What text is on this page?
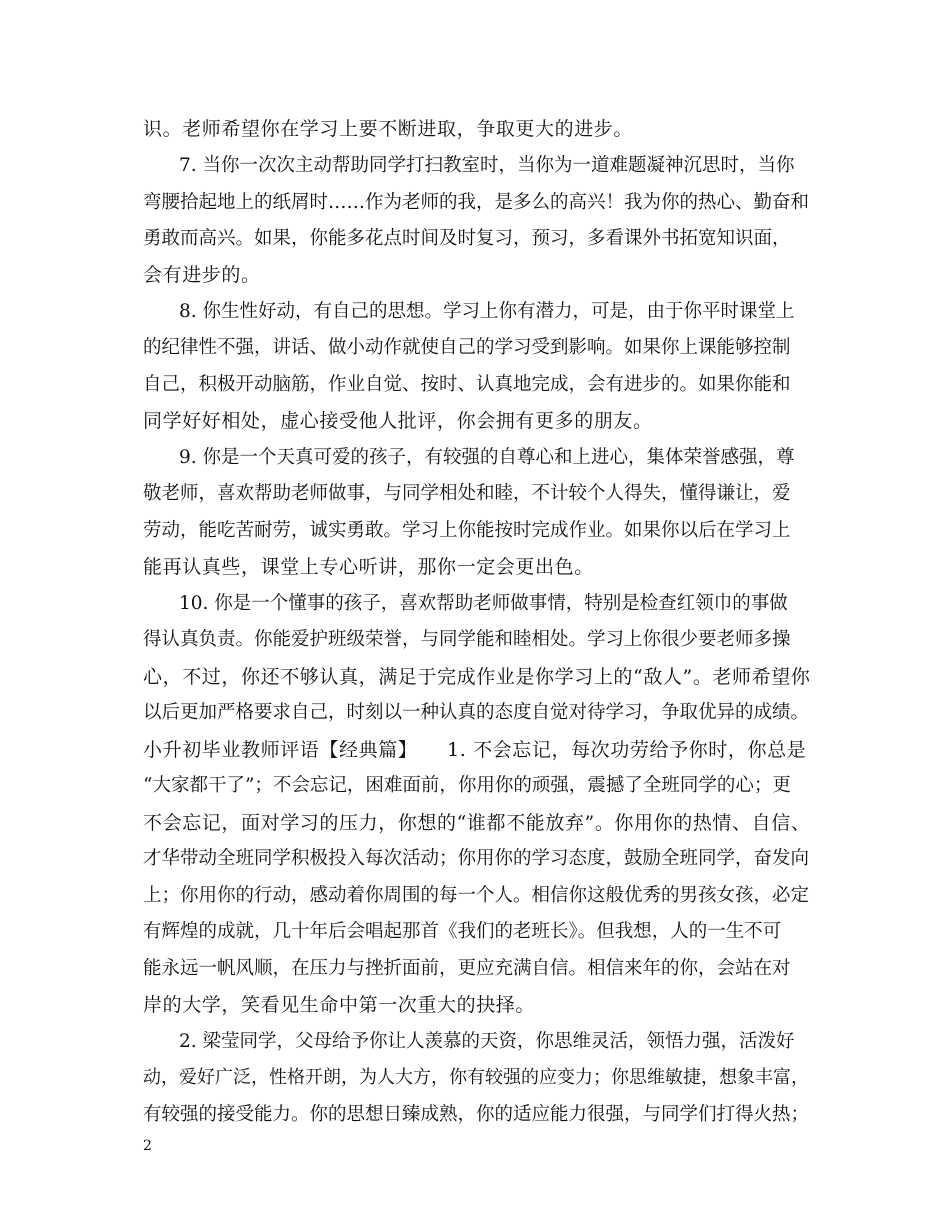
识。老师希望你在学习上要不断进取，争取更大的进步。
7. 当你一次次主动帮助同学打扫教室时，当你为一道难题凝神沉思时，当你
弯腰拾起地上的纸屑时……作为老师的我，是多么的高兴！我为你的热心、勤奋和
勇敢而高兴。如果，你能多花点时间及时复习，预习，多看课外书拓宽知识面，
会有进步的。
8. 你生性好动，有自己的思想。学习上你有潜力，可是，由于你平时课堂上
的纪律性不强，讲话、做小动作就使自己的学习受到影响。如果你上课能够控制
自己，积极开动脑筋，作业自觉、按时、认真地完成，会有进步的。如果你能和
同学好好相处，虚心接受他人批评，你会拥有更多的朋友。
9. 你是一个天真可爱的孩子，有较强的自尊心和上进心，集体荣誉感强，尊
敬老师，喜欢帮助老师做事，与同学相处和睦，不计较个人得失，懂得谦让，爱
劳动，能吃苦耐劳，诚实勇敢。学习上你能按时完成作业。如果你以后在学习上
能再认真些，课堂上专心听讲，那你一定会更出色。
10. 你是一个懂事的孩子，喜欢帮助老师做事情，特别是检查红领巾的事做
得认真负责。你能爱护班级荣誉，与同学能和睦相处。学习上你很少要老师多操
心，不过，你还不够认真，满足于完成作业是你学习上的“敌人”。老师希望你
以后更加严格要求自己，时刻以一种认真的态度自觉对待学习，争取优异的成绩。
小升初毕业教师评语【经典篇】　　1. 不会忘记，每次功劳给予你时，你总是
“大家都干了”；不会忘记，困难面前，你用你的顽强，震撼了全班同学的心；更
不会忘记，面对学习的压力，你想的“谁都不能放弃”。你用你的热情、自信、
才华带动全班同学积极投入每次活动；你用你的学习态度，鼓励全班同学，奋发向
上；你用你的行动，感动着你周围的每一个人。相信你这般优秀的男孩女孩，必定
有辉煌的成就，几十年后会唱起那首《我们的老班长》。但我想，人的一生不可
能永远一帆风顺，在压力与挫折面前，更应充满自信。相信来年的你，会站在对
岸的大学，笑看见生命中第一次重大的抉择。
2. 梁莹同学，父母给予你让人羡慕的天资，你思维灵活，领悟力强，活泼好
动，爱好广泛，性格开朗，为人大方，你有较强的应变力；你思维敏捷，想象丰富，
有较强的接受能力。你的思想日臻成熟，你的适应能力很强，与同学们打得火热；
2
